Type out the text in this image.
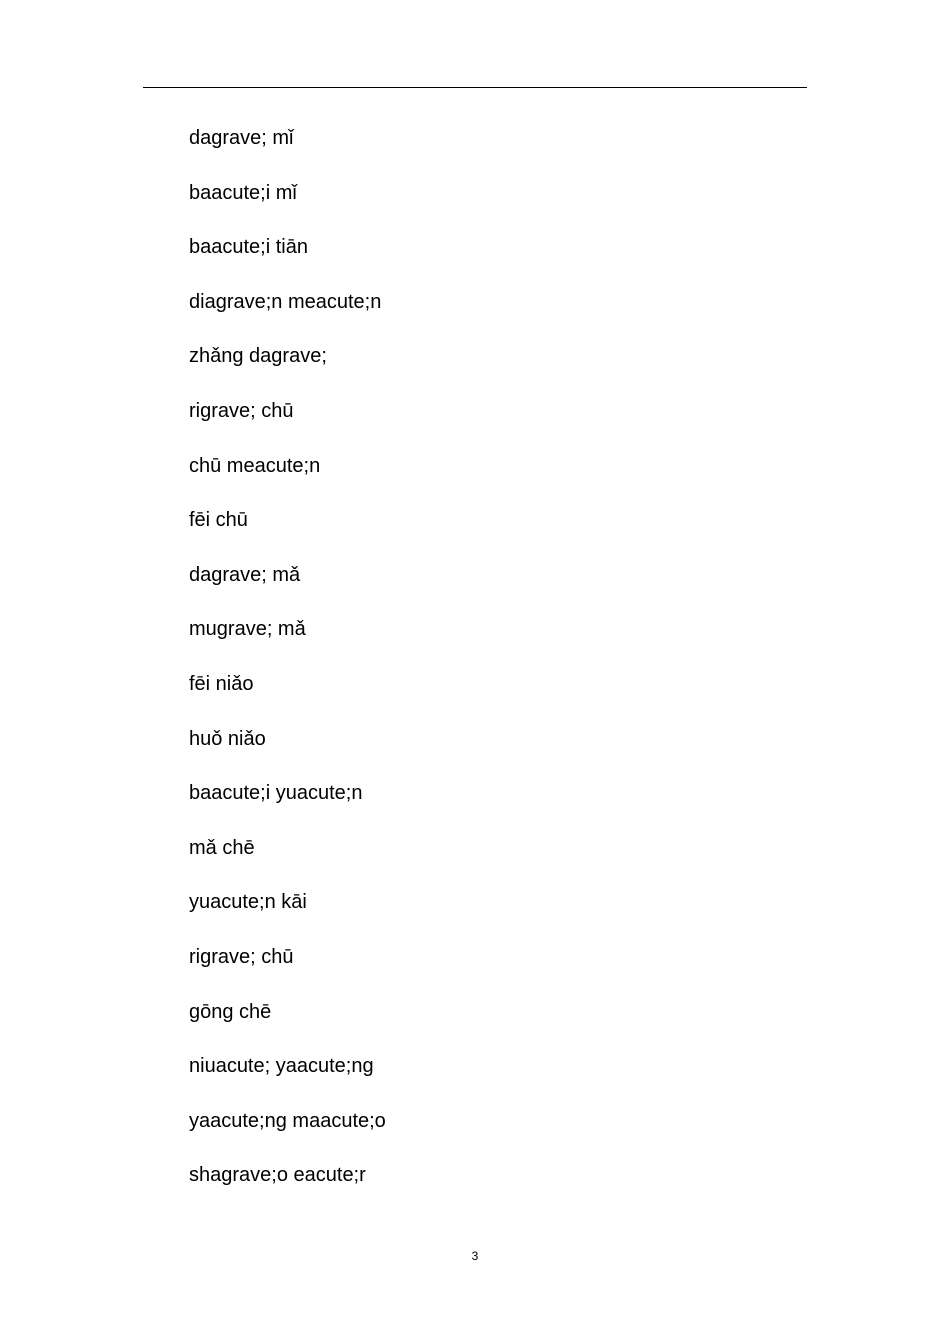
dagrave; mǐ
baacute;i mǐ
baacute;i tiān
diagrave;n meacute;n
zhǎng dagrave;
rigrave; chū
chū meacute;n
fēi chū
dagrave; mǎ
mugrave; mǎ
fēi niǎo
huǒ niǎo
baacute;i yuacute;n
mǎ chē
yuacute;n kāi
rigrave; chū
gōng chē
niuacute; yaacute;ng
yaacute;ng maacute;o
shagrave;o eacute;r
3
